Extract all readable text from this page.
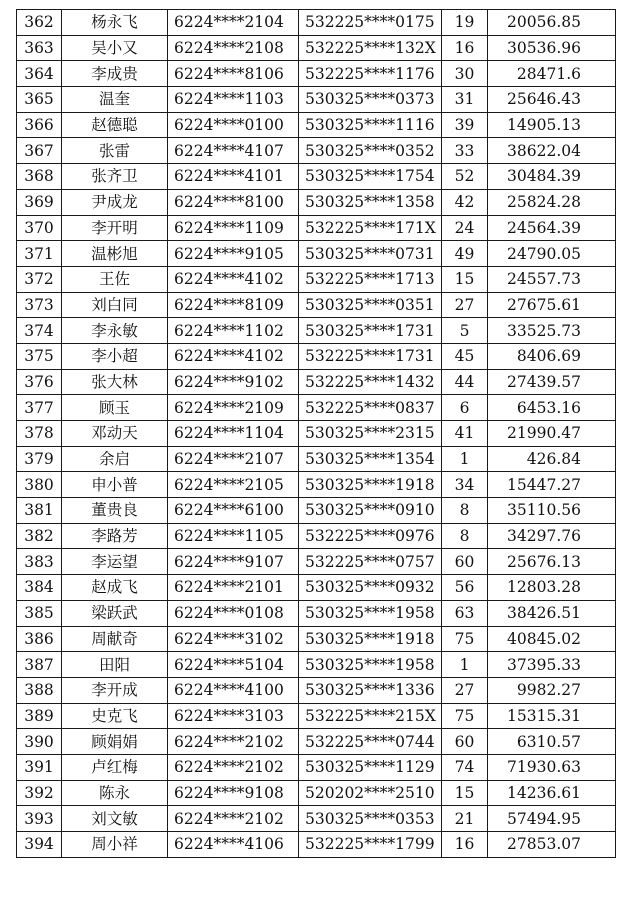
362	杨永飞	6224****2104	532225****0175	19	20056.85
363	吴小又	6224****2108	532225****132X	16	30536.96
364	李成贵	6224****8106	532225****1176	30	28471.6
365	温奎	6224****1103	530325****0373	31	25646.43
366	赵德聪	6224****0100	530325****1116	39	14905.13
367	张雷	6224****4107	530325****0352	33	38622.04
368	张齐卫	6224****4101	530325****1754	52	30484.39
369	尹成龙	6224****8100	530325****1358	42	25824.28
370	李开明	6224****1109	532225****171X	24	24564.39
371	温彬旭	6224****9105	530325****0731	49	24790.05
372	王佐	6224****4102	532225****1713	15	24557.73
373	刘白同	6224****8109	530325****0351	27	27675.61
374	李永敏	6224****1102	530325****1731	5	33525.73
375	李小超	6224****4102	532225****1731	45	8406.69
376	张大林	6224****9102	532225****1432	44	27439.57
377	顾玉	6224****2109	532225****0837	6	6453.16
378	邓动天	6224****1104	530325****2315	41	21990.47
379	余启	6224****2107	530325****1354	1	426.84
380	申小普	6224****2105	530325****1918	34	15447.27
381	董贵良	6224****6100	530325****0910	8	35110.56
382	李路芳	6224****1105	532225****0976	8	34297.76
383	李运望	6224****9107	532225****0757	60	25676.13
384	赵成飞	6224****2101	530325****0932	56	12803.28
385	梁跃武	6224****0108	530325****1958	63	38426.51
386	周献奇	6224****3102	530325****1918	75	40845.02
387	田阳	6224****5104	530325****1958	1	37395.33
388	李开成	6224****4100	530325****1336	27	9982.27
389	史克飞	6224****3103	532225****215X	75	15315.31
390	顾娟娟	6224****2102	532225****0744	60	6310.57
391	卢红梅	6224****2102	530325****1129	74	71930.63
392	陈永	6224****9108	520202****2510	15	14236.61
393	刘文敏	6224****2102	530325****0353	21	57494.95
394	周小祥	6224****4106	532225****1799	16	27853.07
